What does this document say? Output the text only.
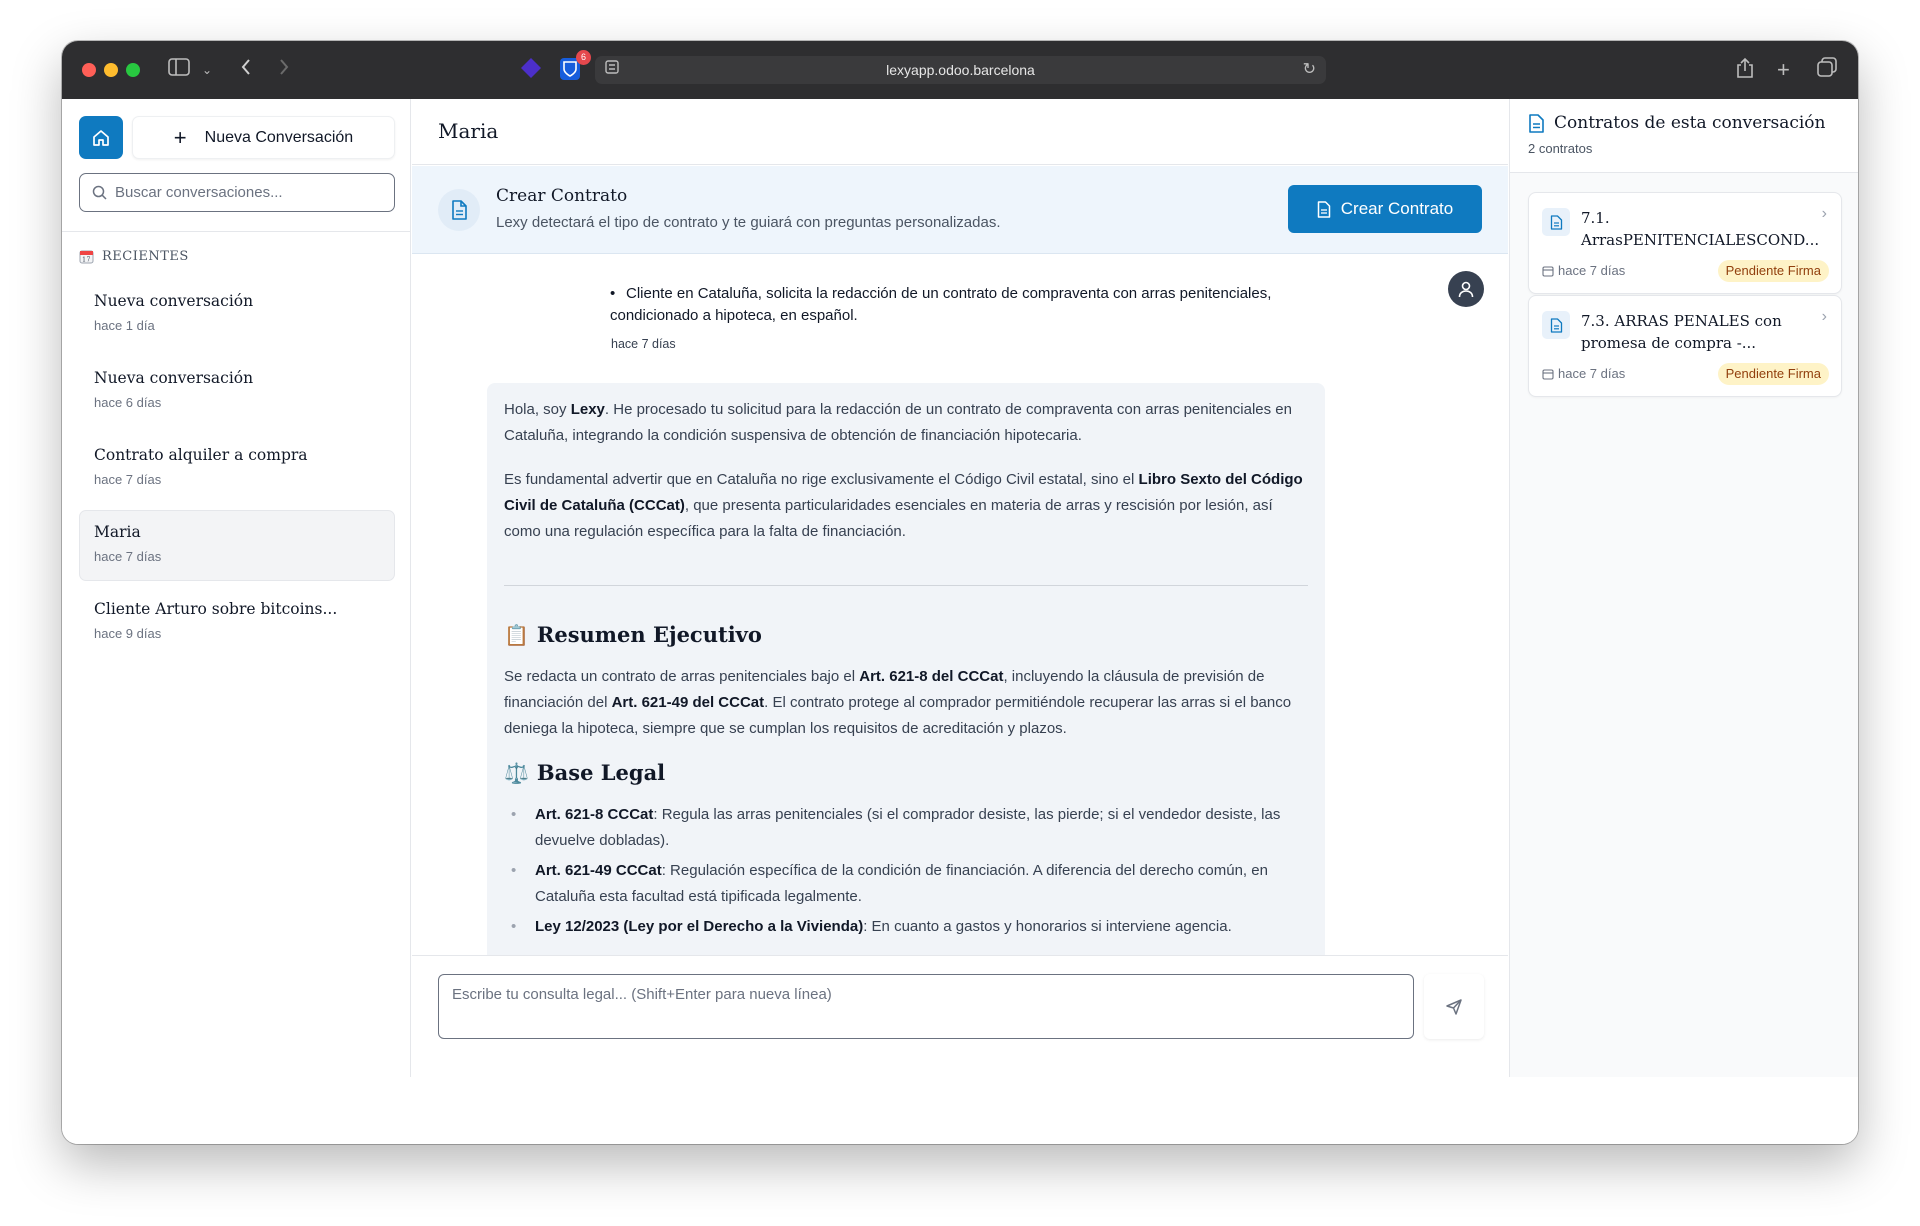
⌄
6
lexyapp.odoo.barcelona	↻	+
+ Nueva Conversación
Buscar conversaciones...
17 RECIENTES
Nueva conversación
hace 1 día
Nueva conversación
hace 6 días
Contrato alquiler a compra
hace 7 días
Maria
hace 7 días
Cliente Arturo sobre bitcoins...
hace 9 días
Maria
Crear Contrato
Lexy detectará el tipo de contrato y te guiará con preguntas personalizadas.
Crear Contrato
• Cliente en Cataluña, solicita la redacción de un contrato de compraventa con arras penitenciales, condicionado a hipoteca, en español.
hace 7 días

Hola, soy Lexy. He procesado tu solicitud para la redacción de un contrato de compraventa con arras penitenciales en Cataluña, integrando la condición suspensiva de obtención de financiación hipotecaria.

Es fundamental advertir que en Cataluña no rige exclusivamente el Código Civil estatal, sino el Libro Sexto del Código Civil de Cataluña (CCCat), que presenta particularidades esenciales en materia de arras y rescisión por lesión, así como una regulación específica para la falta de financiación.

📋 Resumen Ejecutivo

Se redacta un contrato de arras penitenciales bajo el Art. 621-8 del CCCat, incluyendo la cláusula de previsión de financiación del Art. 621-49 del CCCat. El contrato protege al comprador permitiéndole recuperar las arras si el banco deniega la hipoteca, siempre que se cumplan los requisitos de acreditación y plazos.

⚖️ Base Legal
• Art. 621-8 CCCat: Regula las arras penitenciales (si el comprador desiste, las pierde; si el vendedor desiste, las devuelve dobladas).
• Art. 621-49 CCCat: Regulación específica de la condición de financiación. A diferencia del derecho común, en Cataluña esta facultad está tipificada legalmente.
• Ley 12/2023 (Ley por el Derecho a la Vivienda): En cuanto a gastos y honorarios si interviene agencia.
Escribe tu consulta legal... (Shift+Enter para nueva línea)
Contratos de esta conversación
2 contratos
7.1. ArrasPENITENCIALESCOND...
›
hace 7 días	Pendiente Firma
7.3. ARRAS PENALES con promesa de compra -...
›
hace 7 días	Pendiente Firma
